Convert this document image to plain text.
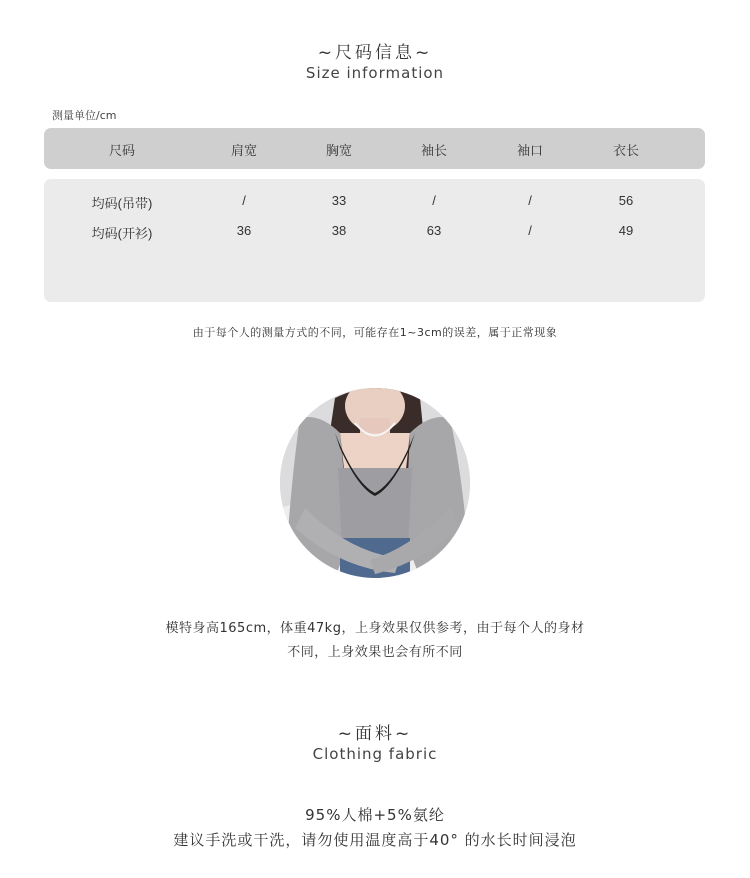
~尺码信息~
Size information
测量单位/cm
尺码	肩宽	胸宽	袖长	袖口	衣长
均码(吊带)	/	33	/	/	56
均码(开衫)	36	38	63	/	49
由于每个人的测量方式的不同，可能存在1~3cm的误差，属于正常现象
模特身高165cm，体重47kg，上身效果仅供参考，由于每个人的身材
不同，上身效果也会有所不同
~面料~
Clothing fabric
95%人棉+5%氨纶
建议手洗或干洗，请勿使用温度高于40° 的水长时间浸泡
